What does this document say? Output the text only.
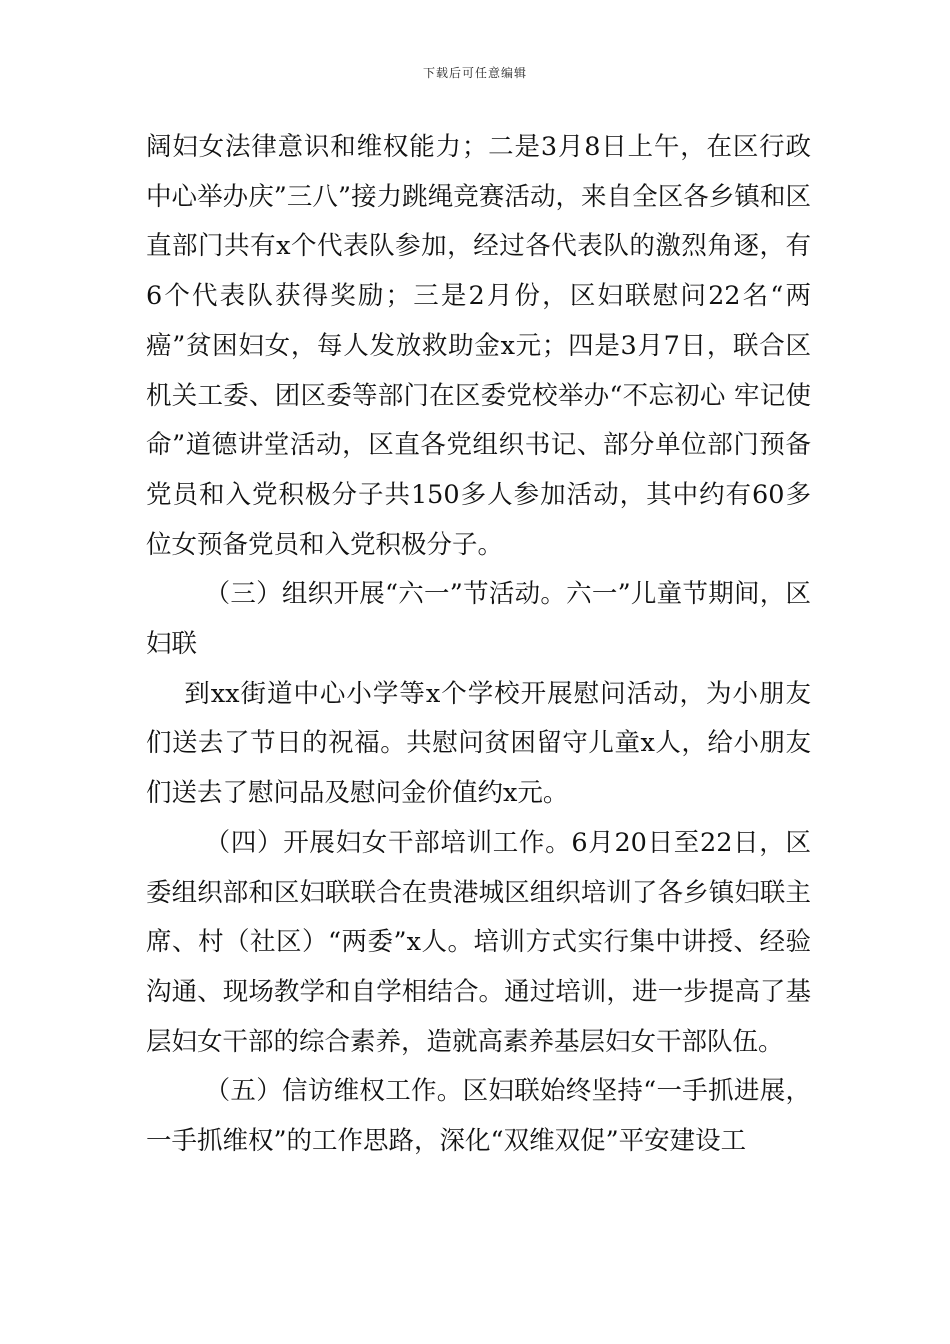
下载后可任意编辑

阔妇女法律意识和维权能力；二是3月8日上午，在区行政中心举办庆”三八”接力跳绳竞赛活动，来自全区各乡镇和区直部门共有x个代表队参加，经过各代表队的激烈角逐，有6个代表队获得奖励；三是2月份，区妇联慰问22名“两癌”贫困妇女，每人发放救助金x元；四是3月7日，联合区机关工委、团区委等部门在区委党校举办“不忘初心 牢记使命”道德讲堂活动，区直各党组织书记、部分单位部门预备党员和入党积极分子共150多人参加活动，其中约有60多位女预备党员和入党积极分子。

（三）组织开展“六一”节活动。六一”儿童节期间，区妇联

到xx街道中心小学等x个学校开展慰问活动，为小朋友们送去了节日的祝福。共慰问贫困留守儿童x人，给小朋友们送去了慰问品及慰问金价值约x元。

（四）开展妇女干部培训工作。6月20日至22日，区委组织部和区妇联联合在贵港城区组织培训了各乡镇妇联主席、村（社区）“两委”x人。培训方式实行集中讲授、经验沟通、现场教学和自学相结合。通过培训，进一步提高了基层妇女干部的综合素养，造就高素养基层妇女干部队伍。

（五）信访维权工作。区妇联始终坚持“一手抓进展，一手抓维权”的工作思路，深化“双维双促”平安建设工
